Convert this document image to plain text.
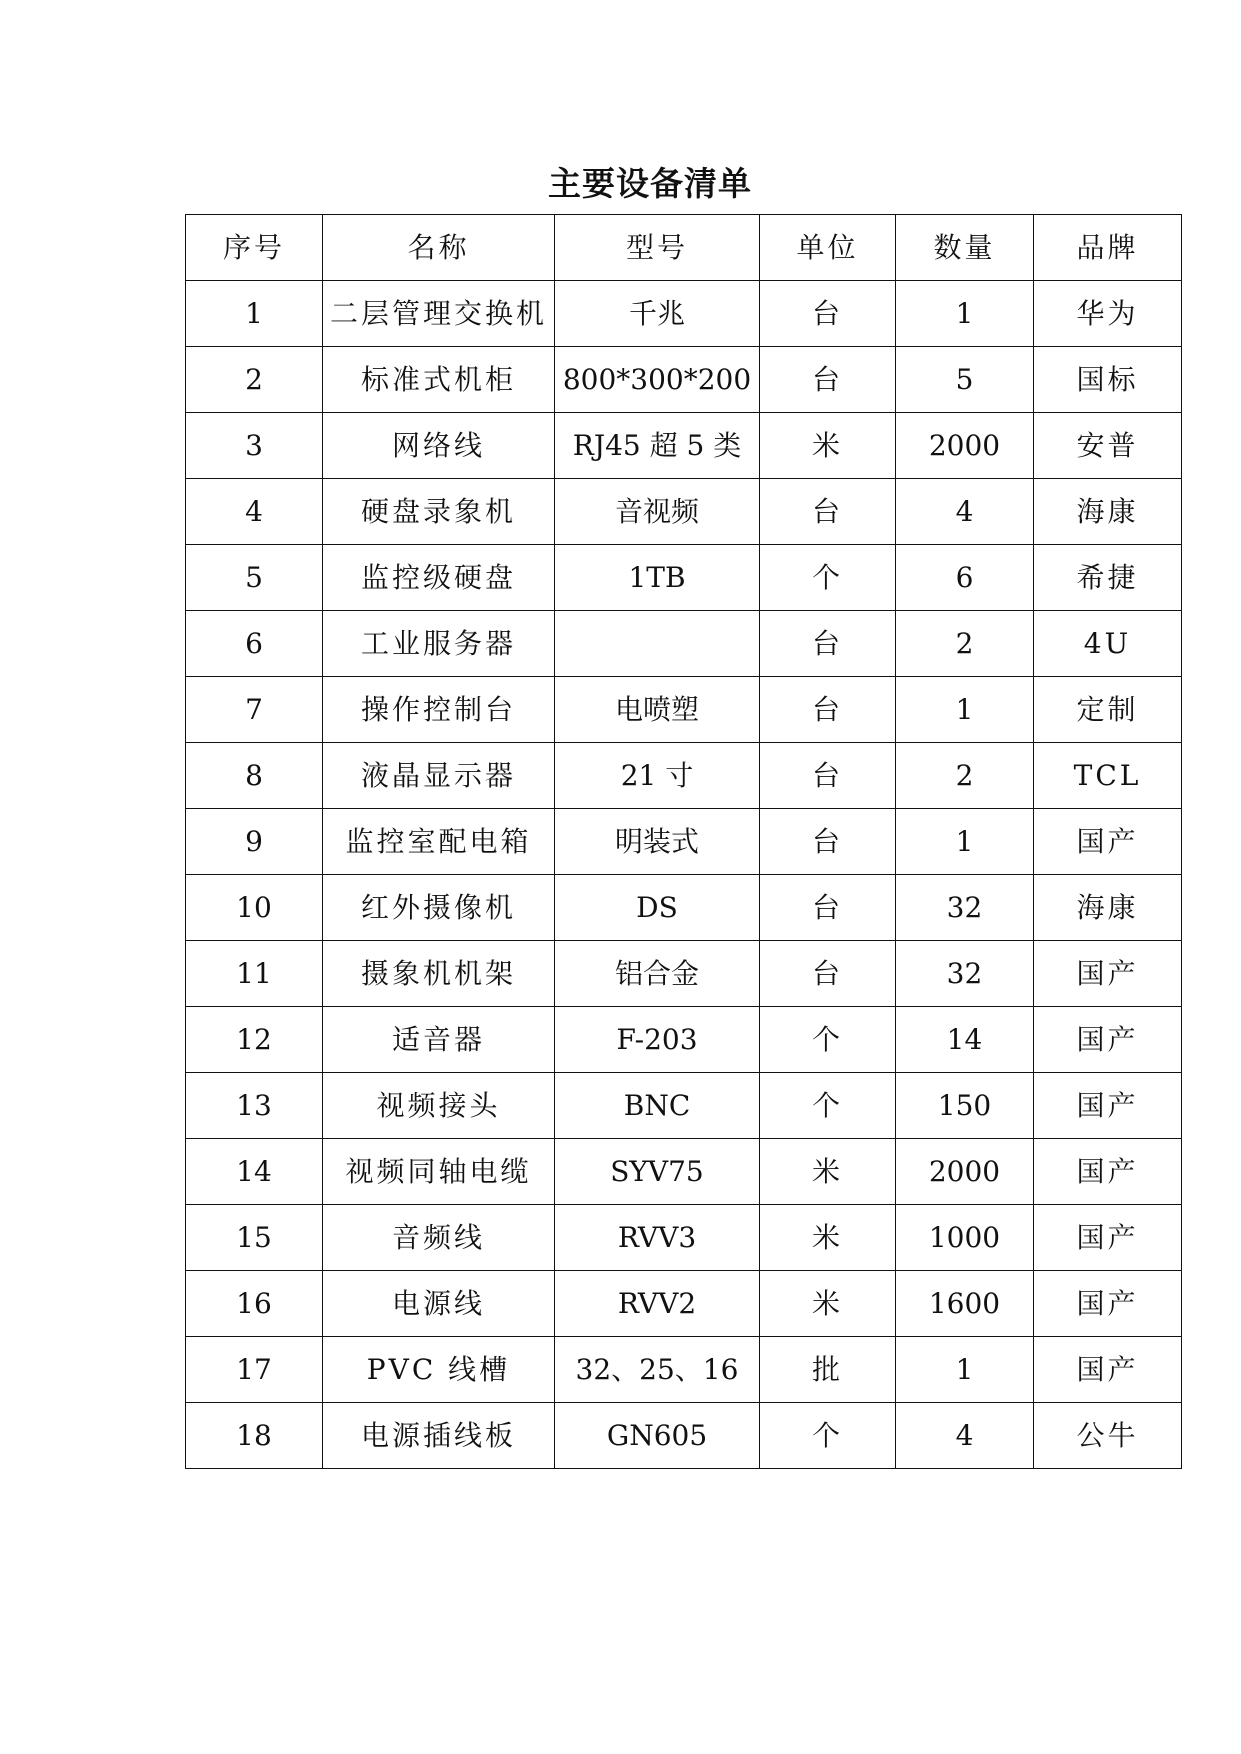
主要设备清单
序号	名称	型号	单位	数量	品牌
1	二层管理交换机	千兆	台	1	华为
2	标准式机柜	800*300*200	台	5	国标
3	网络线	RJ45 超 5 类	米	2000	安普
4	硬盘录象机	音视频	台	4	海康
5	监控级硬盘	1TB	个	6	希捷
6	工业服务器		台	2	4U
7	操作控制台	电喷塑	台	1	定制
8	液晶显示器	21 寸	台	2	TCL
9	监控室配电箱	明装式	台	1	国产
10	红外摄像机	DS	台	32	海康
11	摄象机机架	铝合金	台	32	国产
12	适音器	F-203	个	14	国产
13	视频接头	BNC	个	150	国产
14	视频同轴电缆	SYV75	米	2000	国产
15	音频线	RVV3	米	1000	国产
16	电源线	RVV2	米	1600	国产
17	PVC 线槽	32、25、16	批	1	国产
18	电源插线板	GN605	个	4	公牛
